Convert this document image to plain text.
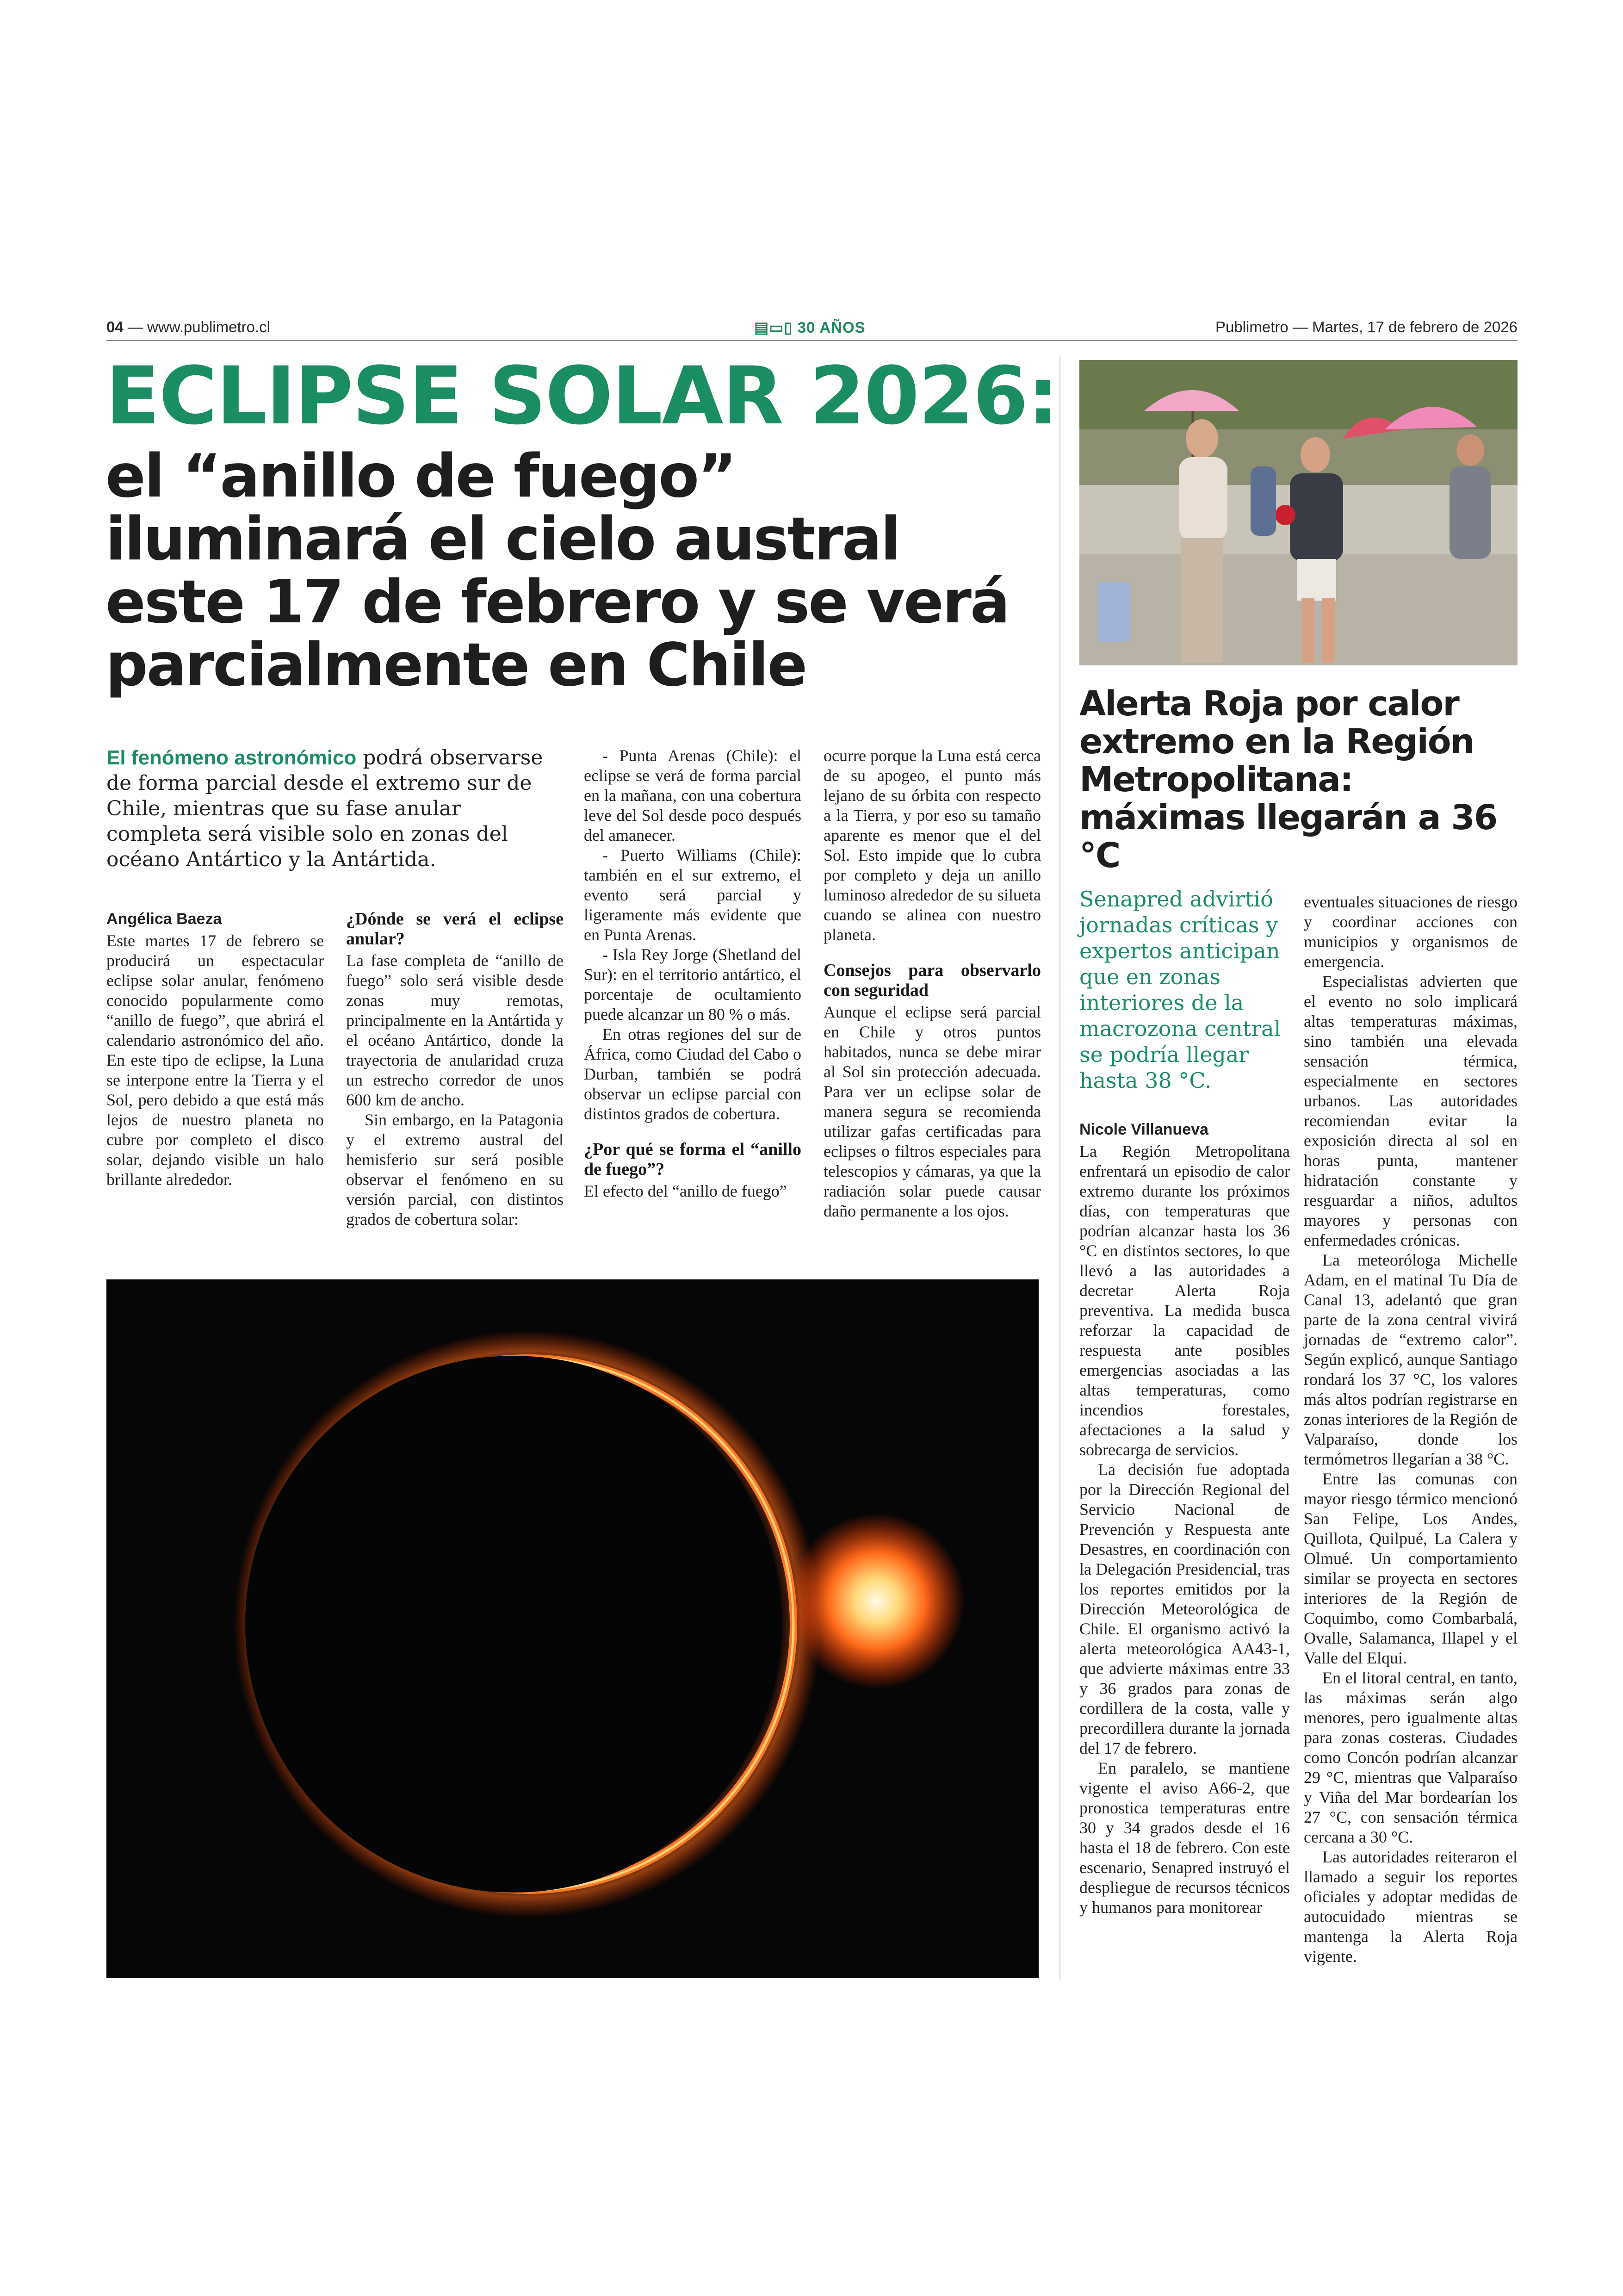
04 — www.publimetro.cl	▤▭▯ 30 AÑOS	Publimetro — Martes, 17 de febrero de 2026
ECLIPSE SOLAR 2026:
el “anillo de fuego” iluminará el cielo austral este 17 de febrero y se verá parcialmente en Chile
El fenómeno astronómico podrá observarse de forma parcial desde el extremo sur de Chile, mientras que su fase anular completa será visible solo en zonas del océano Antártico y la Antártida.
Angélica Baeza

Este martes 17 de febrero se producirá un espectacular eclipse solar anular, fenómeno conocido popularmente como “anillo de fuego”, que abrirá el calendario astronómico del año. En este tipo de eclipse, la Luna se interpone entre la Tierra y el Sol, pero debido a que está más lejos de nuestro planeta no cubre por completo el disco solar, dejando visible un halo brillante alrededor.

¿Dónde se verá el eclipse anular?

La fase completa de “anillo de fuego” solo será visible desde zonas muy remotas, principalmente en la Antártida y el océano Antártico, donde la trayectoria de anularidad cruza un estrecho corredor de unos 600 km de ancho.

Sin embargo, en la Patagonia y el extremo austral del hemisferio sur será posible observar el fenómeno en su versión parcial, con distintos grados de cobertura solar:

- Punta Arenas (Chile): el eclipse se verá de forma parcial en la mañana, con una cobertura leve del Sol desde poco después del amanecer.

- Puerto Williams (Chile): también en el sur extremo, el evento será parcial y ligeramente más evidente que en Punta Arenas.

- Isla Rey Jorge (Shetland del Sur): en el territorio antártico, el porcentaje de ocultamiento puede alcanzar un 80 % o más.

En otras regiones del sur de África, como Ciudad del Cabo o Durban, también se podrá observar un eclipse parcial con distintos grados de cobertura.

¿Por qué se forma el “anillo de fuego”?

El efecto del “anillo de fuego”

ocurre porque la Luna está cerca de su apogeo, el punto más lejano de su órbita con respecto a la Tierra, y por eso su tamaño aparente es menor que el del Sol. Esto impide que lo cubra por completo y deja un anillo luminoso alrededor de su silueta cuando se alinea con nuestro planeta.

Consejos para observarlo con seguridad

Aunque el eclipse será parcial en Chile y otros puntos habitados, nunca se debe mirar al Sol sin protección adecuada. Para ver un eclipse solar de manera segura se recomienda utilizar gafas certificadas para eclipses o filtros especiales para telescopios y cámaras, ya que la radiación solar puede causar daño permanente a los ojos.

Alerta Roja por calor extremo en la Región Metropolitana: máximas llegarán a 36 °C
Senapred advirtió jornadas críticas y expertos anticipan que en zonas interiores de la macrozona central se podría llegar hasta 38 °C.
Nicole Villanueva

La Región Metropolitana enfrentará un episodio de calor extremo durante los próximos días, con temperaturas que podrían alcanzar hasta los 36 °C en distintos sectores, lo que llevó a las autoridades a decretar Alerta Roja preventiva. La medida busca reforzar la capacidad de respuesta ante posibles emergencias asociadas a las altas temperaturas, como incendios forestales, afectaciones a la salud y sobrecarga de servicios.

La decisión fue adoptada por la Dirección Regional del Servicio Nacional de Prevención y Respuesta ante Desastres, en coordinación con la Delegación Presidencial, tras los reportes emitidos por la Dirección Meteorológica de Chile. El organismo activó la alerta meteorológica AA43-1, que advierte máximas entre 33 y 36 grados para zonas de cordillera de la costa, valle y precordillera durante la jornada del 17 de febrero.

En paralelo, se mantiene vigente el aviso A66-2, que pronostica temperaturas entre 30 y 34 grados desde el 16 hasta el 18 de febrero. Con este escenario, Senapred instruyó el despliegue de recursos técnicos y humanos para monitorear

eventuales situaciones de riesgo y coordinar acciones con municipios y organismos de emergencia.

Especialistas advierten que el evento no solo implicará altas temperaturas máximas, sino también una elevada sensación térmica, especialmente en sectores urbanos. Las autoridades recomiendan evitar la exposición directa al sol en horas punta, mantener hidratación constante y resguardar a niños, adultos mayores y personas con enfermedades crónicas.

La meteoróloga Michelle Adam, en el matinal Tu Día de Canal 13, adelantó que gran parte de la zona central vivirá jornadas de “extremo calor”. Según explicó, aunque Santiago rondará los 37 °C, los valores más altos podrían registrarse en zonas interiores de la Región de Valparaíso, donde los termómetros llegarían a 38 °C.

Entre las comunas con mayor riesgo térmico mencionó San Felipe, Los Andes, Quillota, Quilpué, La Calera y Olmué. Un comportamiento similar se proyecta en sectores interiores de la Región de Coquimbo, como Combarbalá, Ovalle, Salamanca, Illapel y el Valle del Elqui.

En el litoral central, en tanto, las máximas serán algo menores, pero igualmente altas para zonas costeras. Ciudades como Concón podrían alcanzar 29 °C, mientras que Valparaíso y Viña del Mar bordearían los 27 °C, con sensación térmica cercana a 30 °C.

Las autoridades reiteraron el llamado a seguir los reportes oficiales y adoptar medidas de autocuidado mientras se mantenga la Alerta Roja vigente.
